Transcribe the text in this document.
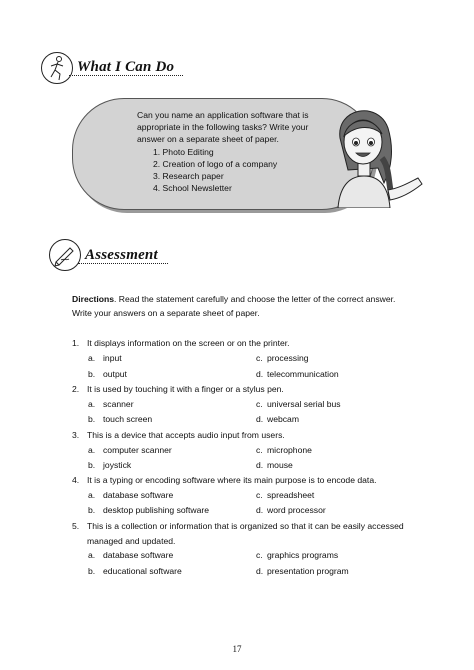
What I Can Do
Can you name an application software that is appropriate in the following tasks? Write your answer on a separate sheet of paper.
1. Photo Editing
2. Creation of logo of a company
3. Research paper
4. School Newsletter
Assessment
Directions. Read the statement carefully and choose the letter of the correct answer. Write your answers on a separate sheet of paper.
1. It displays information on the screen or on the printer.
a. input	c. processing
b. output	d. telecommunication
2. It is used by touching it with a finger or a stylus pen.
a. scanner	c. universal serial bus
b. touch screen	d. webcam
3. This is a device that accepts audio input from users.
a. computer scanner	c. microphone
b. joystick	d. mouse
4. It is a typing or encoding software where its main purpose is to encode data.
a. database software	c. spreadsheet
b. desktop publishing software	d. word processor
5. This is a collection or information that is organized so that it can be easily accessed managed and updated.
a. database software	c. graphics programs
b. educational software	d. presentation program
17
